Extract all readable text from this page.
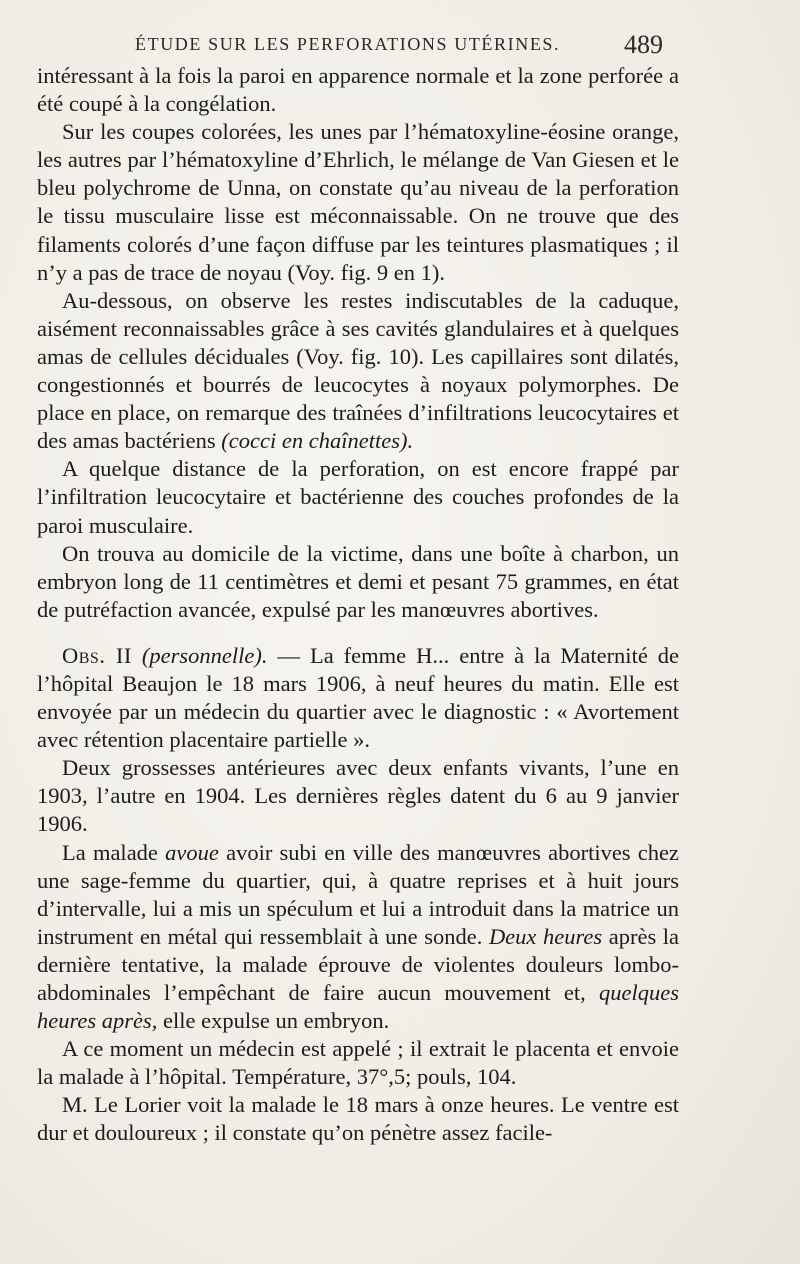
ÉTUDE SUR LES PERFORATIONS UTÉRINES. 489

intéressant à la fois la paroi en apparence normale et la zone perforée a été coupé à la congélation.

Sur les coupes colorées, les unes par l’hématoxyline-éosine orange, les autres par l’hématoxyline d’Ehrlich, le mélange de Van Giesen et le bleu polychrome de Unna, on constate qu’au niveau de la perforation le tissu musculaire lisse est méconnaissable. On ne trouve que des filaments colorés d’une façon diffuse par les teintures plasmatiques ; il n’y a pas de trace de noyau (Voy. fig. 9 en 1).

Au-dessous, on observe les restes indiscutables de la caduque, aisément reconnaissables grâce à ses cavités glandulaires et à quelques amas de cellules déciduales (Voy. fig. 10). Les capillaires sont dilatés, congestionnés et bourrés de leucocytes à noyaux polymorphes. De place en place, on remarque des traînées d’infiltrations leucocytaires et des amas bactériens (cocci en chaînettes).

A quelque distance de la perforation, on est encore frappé par l’infiltration leucocytaire et bactérienne des couches profondes de la paroi musculaire.

On trouva au domicile de la victime, dans une boîte à charbon, un embryon long de 11 centimètres et demi et pesant 75 grammes, en état de putréfaction avancée, expulsé par les manœuvres abortives.

Obs. II (personnelle). — La femme H... entre à la Maternité de l’hôpital Beaujon le 18 mars 1906, à neuf heures du matin. Elle est envoyée par un médecin du quartier avec le diagnostic : « Avortement avec rétention placentaire partielle ».

Deux grossesses antérieures avec deux enfants vivants, l’une en 1903, l’autre en 1904. Les dernières règles datent du 6 au 9 janvier 1906.

La malade avoue avoir subi en ville des manœuvres abortives chez une sage-femme du quartier, qui, à quatre reprises et à huit jours d’intervalle, lui a mis un spéculum et lui a introduit dans la matrice un instrument en métal qui ressemblait à une sonde. Deux heures après la dernière tentative, la malade éprouve de violentes douleurs lombo-abdominales l’empêchant de faire aucun mouvement et, quelques heures après, elle expulse un embryon.

A ce moment un médecin est appelé ; il extrait le placenta et envoie la malade à l’hôpital. Température, 37°,5; pouls, 104.

M. Le Lorier voit la malade le 18 mars à onze heures. Le ventre est dur et douloureux ; il constate qu’on pénètre assez facile-
